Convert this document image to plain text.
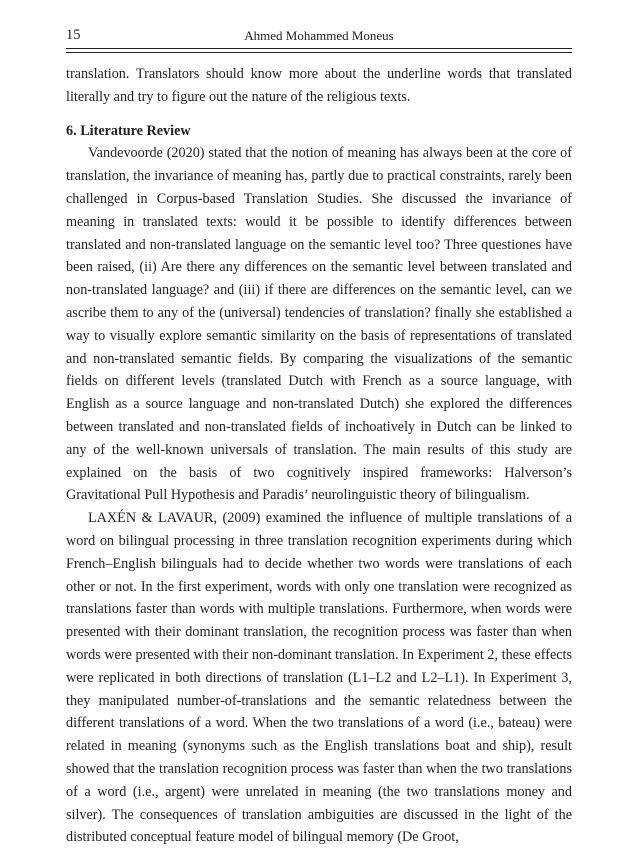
15	Ahmed Mohammed Moneus

translation. Translators should know more about the underline words that translated literally and try to figure out the nature of the religious texts.

6. Literature Review

Vandevoorde (2020) stated that the notion of meaning has always been at the core of translation, the invariance of meaning has, partly due to practical constraints, rarely been challenged in Corpus-based Translation Studies. She discussed the invariance of meaning in translated texts: would it be possible to identify differences between translated and non-translated language on the semantic level too? Three questiones have been raised, (ii) Are there any differences on the semantic level between translated and non-translated language? and (iii) if there are differences on the semantic level, can we ascribe them to any of the (universal) tendencies of translation? finally she established a way to visually explore semantic similarity on the basis of representations of translated and non-translated semantic fields. By comparing the visualizations of the semantic fields on different levels (translated Dutch with French as a source language, with English as a source language and non-translated Dutch) she explored the differences between translated and non-translated fields of inchoatively in Dutch can be linked to any of the well-known universals of translation. The main results of this study are explained on the basis of two cognitively inspired frameworks: Halverson’s Gravitational Pull Hypothesis and Paradis’ neurolinguistic theory of bilingualism.

LAXÉN & LAVAUR, (2009) examined the influence of multiple translations of a word on bilingual processing in three translation recognition experiments during which French–English bilinguals had to decide whether two words were translations of each other or not. In the first experiment, words with only one translation were recognized as translations faster than words with multiple translations. Furthermore, when words were presented with their dominant translation, the recognition process was faster than when words were presented with their non-dominant translation. In Experiment 2, these effects were replicated in both directions of translation (L1–L2 and L2–L1). In Experiment 3, they manipulated number-of-translations and the semantic relatedness between the different translations of a word. When the two translations of a word (i.e., bateau) were related in meaning (synonyms such as the English translations boat and ship), result showed that the translation recognition process was faster than when the two translations of a word (i.e., argent) were unrelated in meaning (the two translations money and silver). The consequences of translation ambiguities are discussed in the light of the distributed conceptual feature model of bilingual memory (De Groot,
